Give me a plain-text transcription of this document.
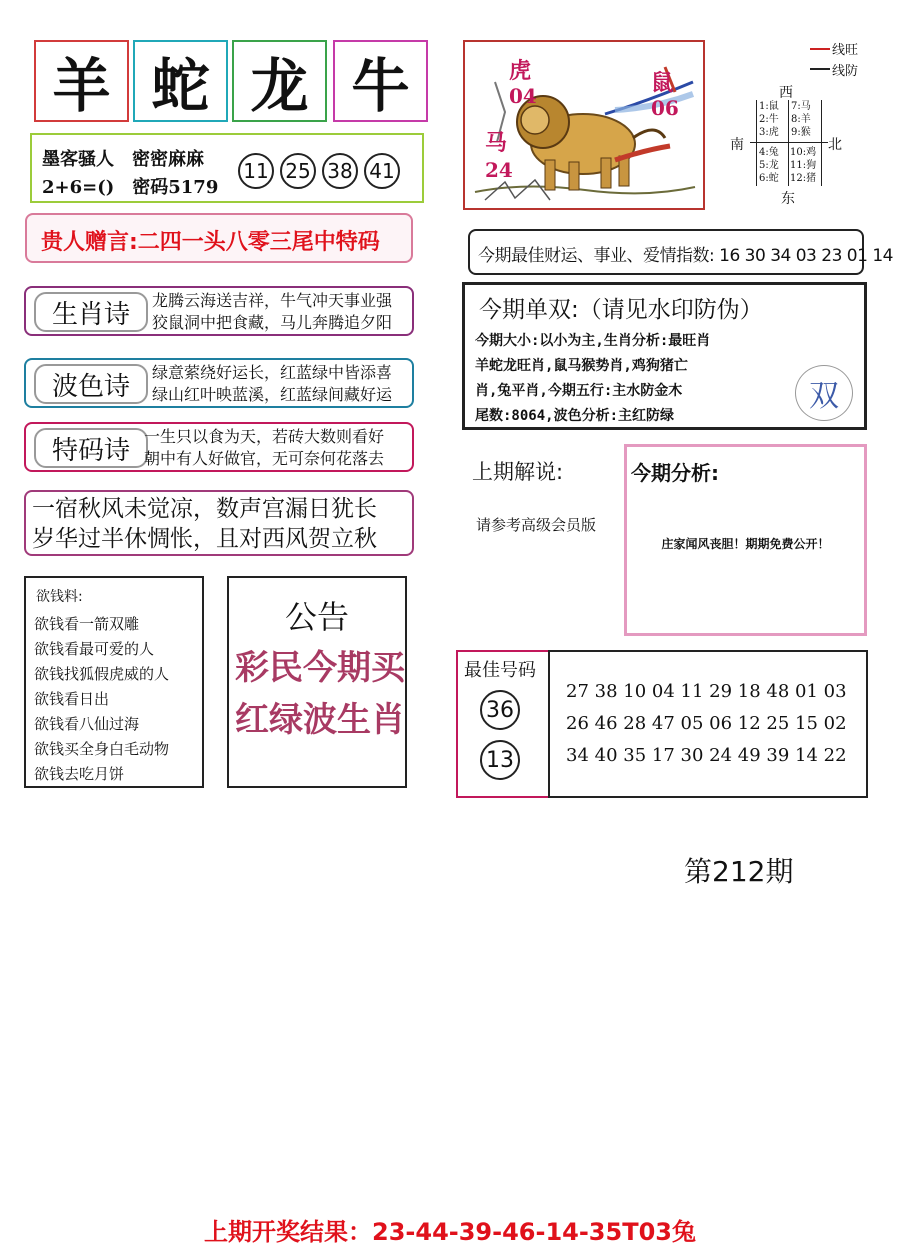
羊 蛇 龙 牛
墨客骚人　密密麻麻
2+6=()　密码5179
11 25 38 41
贵人赠言:二四一头八零三尾中特码
生肖诗	龙腾云海送吉祥，牛气冲天事业强
狡鼠洞中把食藏，马儿奔腾追夕阳
波色诗	绿意萦绕好运长，红蓝绿中皆添喜
绿山红叶映蓝溪，红蓝绿间藏好运
特码诗 一生只以食为天，若砖大数则看好
朝中有人好做官，无可奈何花落去
一宿秋风未觉凉，数声宫漏日犹长
岁华过半休惆怅，且对西风贺立秋
欲钱料:
欲钱看一箭双雕
欲钱看最可爱的人
欲钱找狐假虎威的人
欲钱看日出
欲钱看八仙过海
欲钱买全身白毛动物
欲钱去吃月饼
公告
彩民今期买
红绿波生肖
虎
04	鼠
06
马
24
线旺
线防
西
南	北
东
1:鼠
2:牛
3:虎
7:马
8:羊
9:猴
4:兔
5:龙
6:蛇
10:鸡
11:狗
12:猪
今期最佳财运、事业、爱情指数: 16 30 34 03 23 01 14
今期单双:（请见水印防伪）
今期大小:以小为主,生肖分析:最旺肖
羊蛇龙旺肖,鼠马猴势肖,鸡狗猪亡
肖,兔平肖,今期五行:主水防金木
尾数:8064,波色分析:主红防绿
双
上期解说:
请参考高级会员版
今期分析:
庄家闻风丧胆！期期免费公开！
最佳号码
36
13
27 38 10 04 11 29 18 48 01 03
26 46 28 47 05 06 12 25 15 02
34 40 35 17 30 24 49 39 14 22
第212期
上期开奖结果：23-44-39-46-14-35T03兔
